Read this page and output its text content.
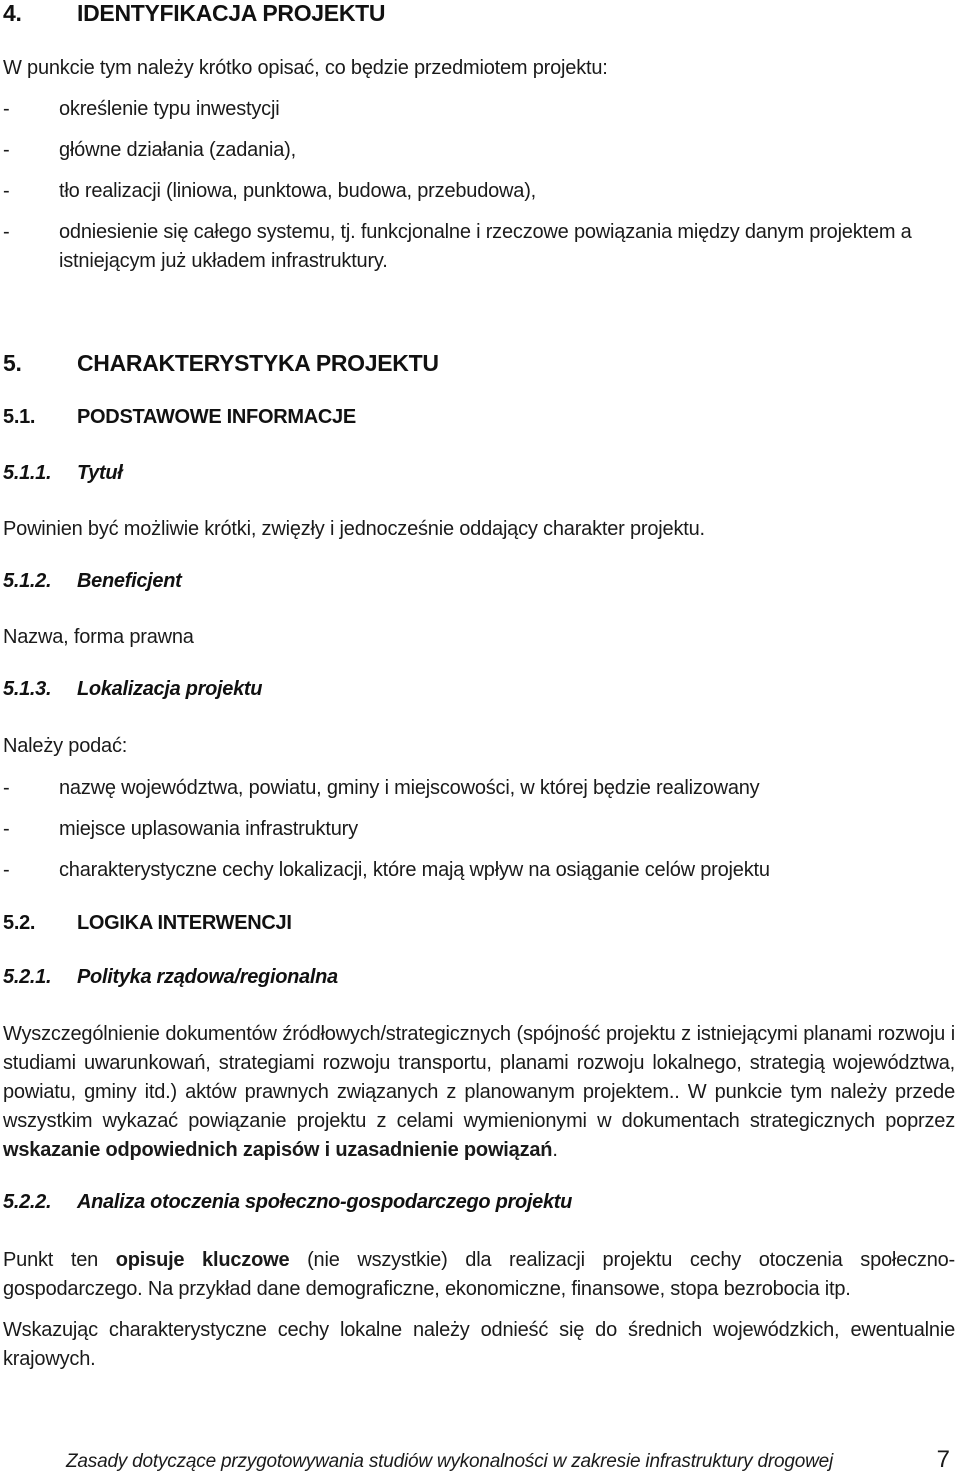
4.	IDENTYFIKACJA PROJEKTU

W punkcie tym należy krótko opisać, co będzie przedmiotem projektu:

-	określenie typu inwestycji
-	główne działania (zadania),
-	tło realizacji (liniowa, punktowa, budowa, przebudowa),
-	odniesienie się całego systemu, tj. funkcjonalne i rzeczowe powiązania między danym projektem a istniejącym już układem infrastruktury.
5.	CHARAKTERYSTYKA PROJEKTU
5.1.	PODSTAWOWE INFORMACJE
5.1.1.	Tytuł

Powinien być możliwie krótki, zwięzły i jednocześnie oddający charakter projektu.

5.1.2.	Beneficjent

Nazwa, forma prawna

5.1.3.	Lokalizacja projektu

Należy podać:

-	nazwę województwa, powiatu, gminy i miejscowości, w której będzie realizowany
-	miejsce uplasowania infrastruktury
-	charakterystyczne cechy lokalizacji, które mają wpływ na osiąganie celów projektu
5.2.	LOGIKA INTERWENCJI
5.2.1.	Polityka rządowa/regionalna

Wyszczególnienie dokumentów źródłowych/strategicznych (spójność projektu z istniejącymi planami rozwoju i studiami uwarunkowań, strategiami rozwoju transportu, planami rozwoju lokalnego, strategią województwa, powiatu, gminy itd.) aktów prawnych związanych z planowanym projektem.. W punkcie tym należy przede wszystkim wykazać powiązanie projektu z celami wymienionymi w dokumentach strategicznych poprzez wskazanie odpowiednich zapisów i uzasadnienie powiązań.

5.2.2.	Analiza otoczenia społeczno-gospodarczego projektu

Punkt ten opisuje kluczowe (nie wszystkie) dla realizacji projektu cechy otoczenia społeczno-gospodarczego. Na przykład dane demograficzne, ekonomiczne, finansowe, stopa bezrobocia itp.

Wskazując charakterystyczne cechy lokalne należy odnieść się do średnich wojewódzkich, ewentualnie krajowych.

Zasady dotyczące przygotowywania studiów wykonalności w zakresie infrastruktury drogowej	7
